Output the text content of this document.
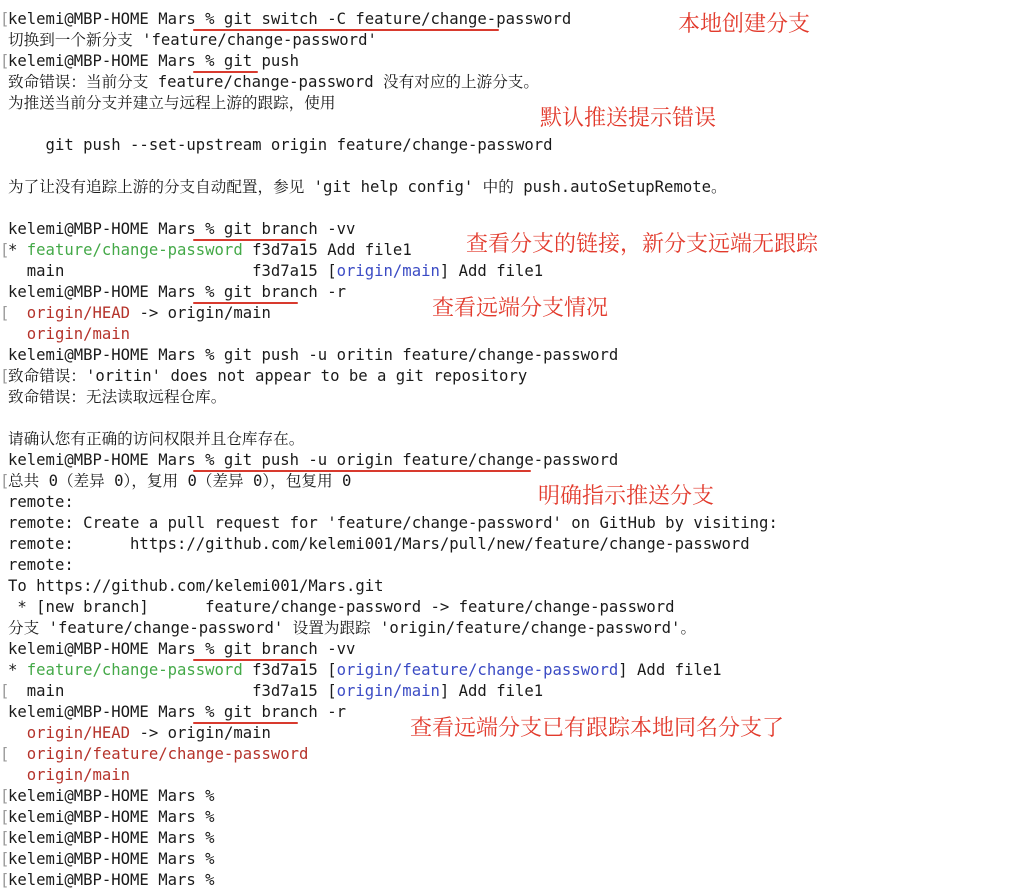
[
kelemi@MBP-HOME Mars % git switch -C feature/change-password
切换到一个新分支 'feature/change-password'
[
kelemi@MBP-HOME Mars % git push
致命错误：当前分支 feature/change-password 没有对应的上游分支。
为推送当前分支并建立与远程上游的跟踪，使用
git push --set-upstream origin feature/change-password
为了让没有追踪上游的分支自动配置，参见 'git help config' 中的 push.autoSetupRemote。
kelemi@MBP-HOME Mars % git branch -vv
[
* feature/change-password f3d7a15 Add file1
main                    f3d7a15 [origin/main] Add file1
kelemi@MBP-HOME Mars % git branch -r
[	origin/HEAD -> origin/main
origin/main
kelemi@MBP-HOME Mars % git push -u oritin feature/change-password
[
致命错误：'oritin' does not appear to be a git repository
致命错误：无法读取远程仓库。
请确认您有正确的访问权限并且仓库存在。
kelemi@MBP-HOME Mars % git push -u origin feature/change-password
[
总共 0（差异 0），复用 0（差异 0），包复用 0
remote:
remote: Create a pull request for 'feature/change-password' on GitHub by visiting:
remote:      https://github.com/kelemi001/Mars/pull/new/feature/change-password
remote:
To https://github.com/kelemi001/Mars.git
* [new branch]      feature/change-password -> feature/change-password
分支 'feature/change-password' 设置为跟踪 'origin/feature/change-password'。
kelemi@MBP-HOME Mars % git branch -vv
* feature/change-password f3d7a15 [origin/feature/change-password] Add file1
[
main                    f3d7a15 [origin/main] Add file1
kelemi@MBP-HOME Mars % git branch -r
origin/HEAD -> origin/main
[	origin/feature/change-password
origin/main
[
kelemi@MBP-HOME Mars %
[
kelemi@MBP-HOME Mars %
[
kelemi@MBP-HOME Mars %
[
kelemi@MBP-HOME Mars %
[
kelemi@MBP-HOME Mars %
本地创建分支
默认推送提示错误
查看分支的链接，新分支远端无跟踪
查看远端分支情况
明确指示推送分支
查看远端分支已有跟踪本地同名分支了
